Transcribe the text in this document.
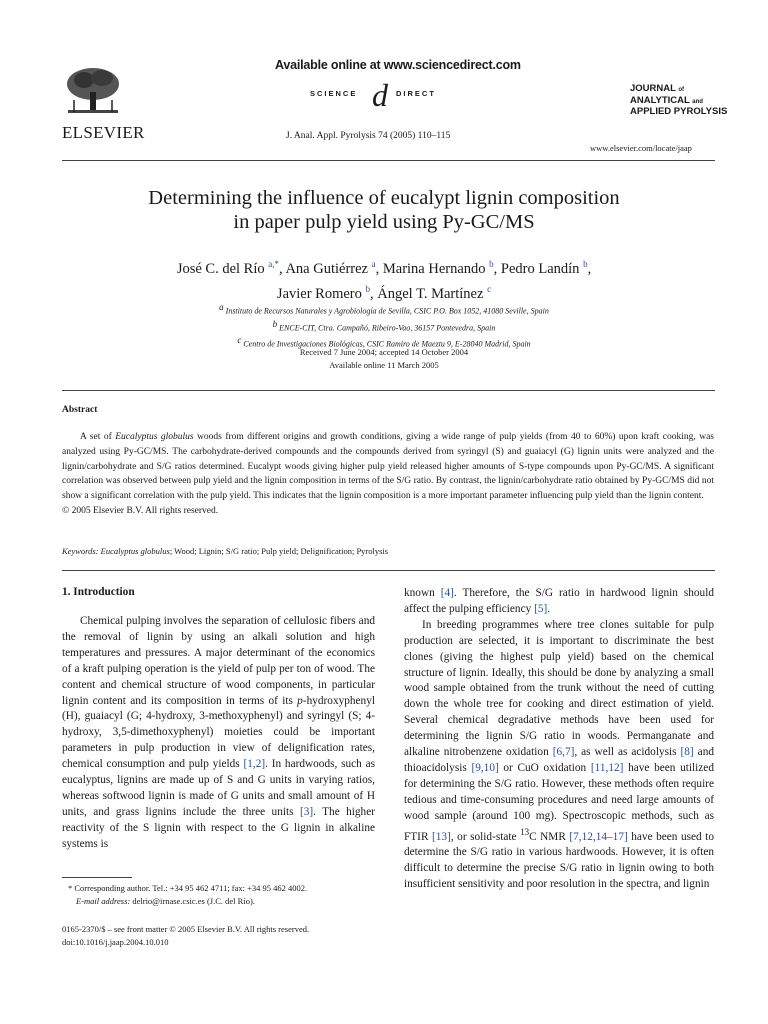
ELSEVIER
Available online at www.sciencedirect.com
SCIENCE d DIRECT
J. Anal. Appl. Pyrolysis 74 (2005) 110–115
JOURNAL of
ANALYTICAL and
APPLIED PYROLYSIS
www.elsevier.com/locate/jaap
Determining the influence of eucalypt lignin composition
in paper pulp yield using Py-GC/MS
José C. del Río $^{a,*}$, Ana Gutiérrez $^a$, Marina Hernando $^b$, Pedro Landín $^b$,
Javier Romero $^b$, Ángel T. Martínez $^c$
$^a$ Instituto de Recursos Naturales y Agrobiología de Sevilla, CSIC P.O. Box 1052, 41080 Seville, Spain
$^b$ ENCE-CIT, Ctra. Campañó, Ribeiro-Vao, 36157 Pontevedra, Spain
$^c$ Centro de Investigaciones Biológicas, CSIC Ramiro de Maeztu 9, E-28040 Madrid, Spain
Received 7 June 2004; accepted 14 October 2004
Available online 11 March 2005
Abstract
A set of Eucalyptus globulus woods from different origins and growth conditions, giving a wide range of pulp yields (from 40 to 60%) upon kraft cooking, was analyzed using Py-GC/MS. The carbohydrate-derived compounds and the compounds derived from syringyl (S) and guaiacyl (G) lignin units were analyzed and the lignin/carbohydrate and S/G ratios determined. Eucalypt woods giving higher pulp yield released higher amounts of S-type compounds upon Py-GC/MS. A significant correlation was observed between pulp yield and the lignin composition in terms of the S/G ratio. By contrast, the lignin/carbohydrate ratio obtained by Py-GC/MS did not show a significant correlation with the pulp yield. This indicates that the lignin composition is a more important parameter influencing pulp yield than the lignin content.
© 2005 Elsevier B.V. All rights reserved.
Keywords: Eucalyptus globulus; Wood; Lignin; S/G ratio; Pulp yield; Delignification; Pyrolysis
1. Introduction
Chemical pulping involves the separation of cellulosic fibers and the removal of lignin by using an alkali solution and high temperatures and pressures. A major determinant of the economics of a kraft pulping operation is the yield of pulp per ton of wood. The content and chemical structure of wood components, in particular lignin content and its composition in terms of its p-hydroxyphenyl (H), guaiacyl (G; 4-hydroxy, 3-methoxyphenyl) and syringyl (S; 4-hydroxy, 3,5-dimethoxyphenyl) moieties could be important parameters in pulp production in view of delignification rates, chemical consumption and pulp yields [1,2]. In hardwoods, such as eucalyptus, lignins are made up of S and G units in varying ratios, whereas softwood lignin is made of G units and small amount of H units, and grass lignins include the three units [3]. The higher reactivity of the S lignin with respect to the G lignin in alkaline systems is

known [4]. Therefore, the S/G ratio in hardwood lignin should affect the pulping efficiency [5].

In breeding programmes where tree clones suitable for pulp production are selected, it is important to discriminate the best clones (giving the highest pulp yield) based on the chemical structure of lignin. Ideally, this should be done by analyzing a small wood sample obtained from the trunk without the need of cutting down the whole tree for cooking and direct estimation of yield. Several chemical degradative methods have been used for determining the lignin S/G ratio in woods. Permanganate and alkaline nitrobenzene oxidation [6,7], as well as acidolysis [8] and thioacidolysis [9,10] or CuO oxidation [11,12] have been utilized for determining the S/G ratio. However, these methods often require tedious and time-consuming procedures and need large amounts of wood sample (around 100 mg). Spectroscopic methods, such as FTIR [13], or solid-state $^{13}$C NMR [7,12,14–17] have been used to determine the S/G ratio in various hardwoods. However, it is often difficult to determine the precise S/G ratio in lignin owing to both insufficient sensitivity and poor resolution in the spectra, and lignin

* Corresponding author. Tel.: +34 95 462 4711; fax: +34 95 462 4002.
E-mail address: delrio@irnase.csic.es (J.C. del Río).
0165-2370/$ – see front matter © 2005 Elsevier B.V. All rights reserved.
doi:10.1016/j.jaap.2004.10.010
